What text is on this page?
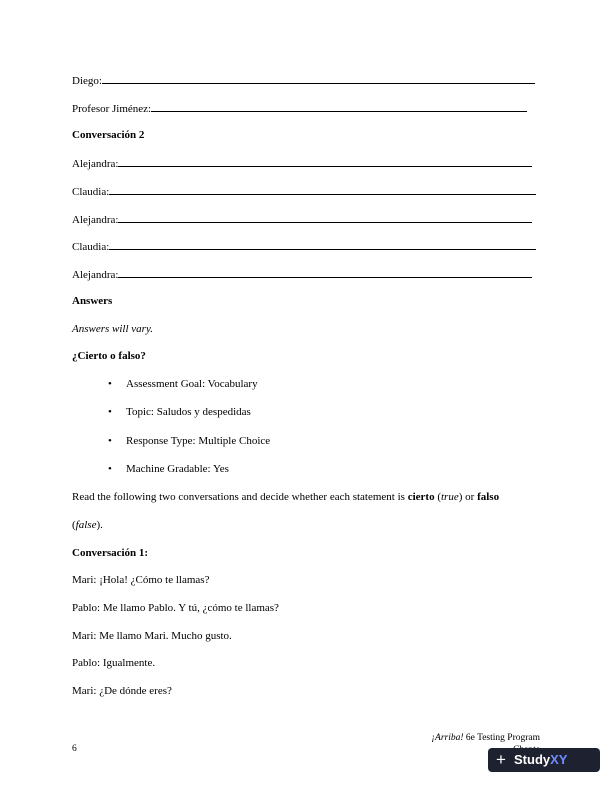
Diego:
Profesor Jiménez:
Conversación 2
Alejandra:
Claudia:
Alejandra:
Claudia:
Alejandra:
Answers
Answers will vary.
¿Cierto o falso?
• Assessment Goal: Vocabulary
• Topic: Saludos y despedidas
• Response Type: Multiple Choice
• Machine Gradable: Yes
Read the following two conversations and decide whether each statement is cierto (true) or falso
(false).
Conversación 1:
Mari: ¡Hola! ¿Cómo te llamas?
Pablo: Me llamo Pablo. Y tú, ¿cómo te llamas?
Mari: Me llamo Mari. Mucho gusto.
Pablo: Igualmente.
Mari: ¿De dónde eres?
6
¡Arriba! 6e Testing Program
+ StudyXY
